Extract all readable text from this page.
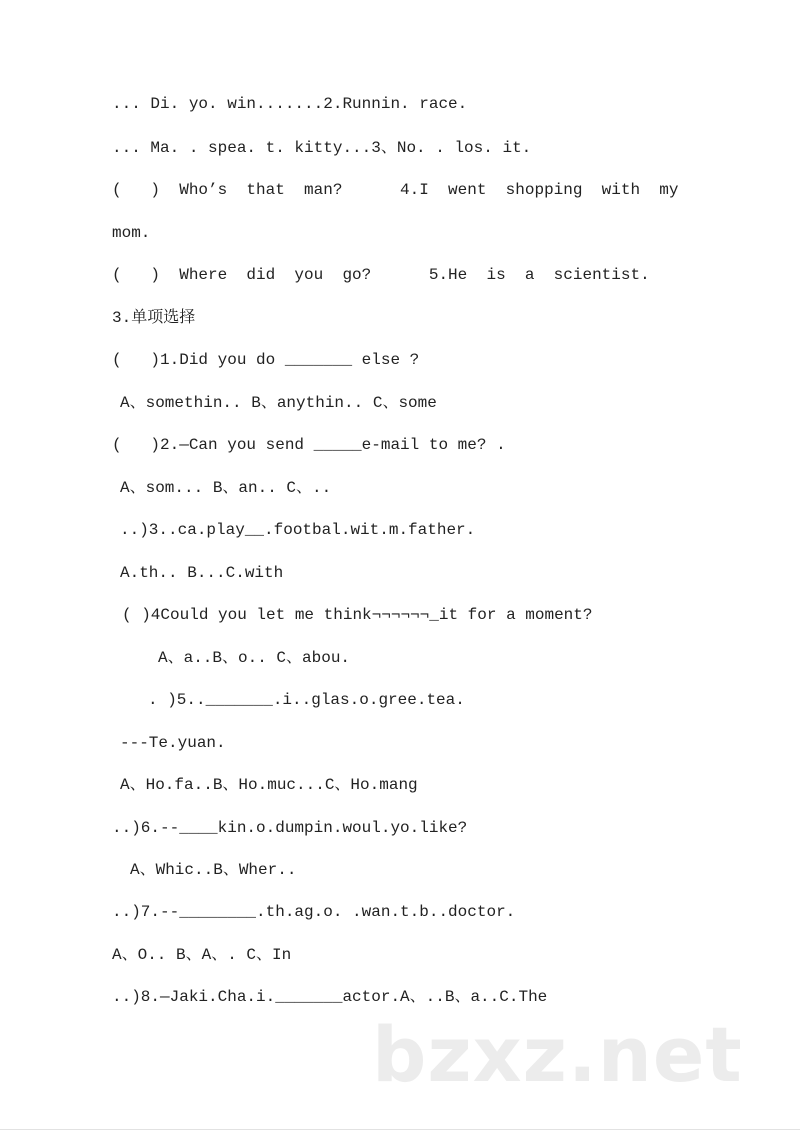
... Di. yo. win.......2.Runnin. race.
... Ma. . spea. t. kitty...3、No. . los. it.
(   )  Who’s  that  man?      4.I  went  shopping  with  my
mom.
(   )  Where  did  you  go?      5.He  is  a  scientist.
3.单项选择
(   )1.Did you do _______ else ?
A、somethin.. B、anythin.. C、some
(   )2.—Can you send _____e-mail to me? .
A、som... B、an.. C、..
..)3..ca.play__.footbal.wit.m.father.
A.th.. B...C.with
( )4Could you let me think¬¬¬¬¬¬_it for a moment?
A、a..B、o.. C、abou.
. )5.._______.i..glas.o.gree.tea.
---Te.yuan.
A、Ho.fa..B、Ho.muc...C、Ho.mang
..)6.--____kin.o.dumpin.woul.yo.like?
A、Whic..B、Wher..
..)7.--________.th.ag.o. .wan.t.b..doctor.
A、O.. B、A、. C、In
..)8.—Jaki.Cha.i._______actor.A、..B、a..C.The
bzxz.net
